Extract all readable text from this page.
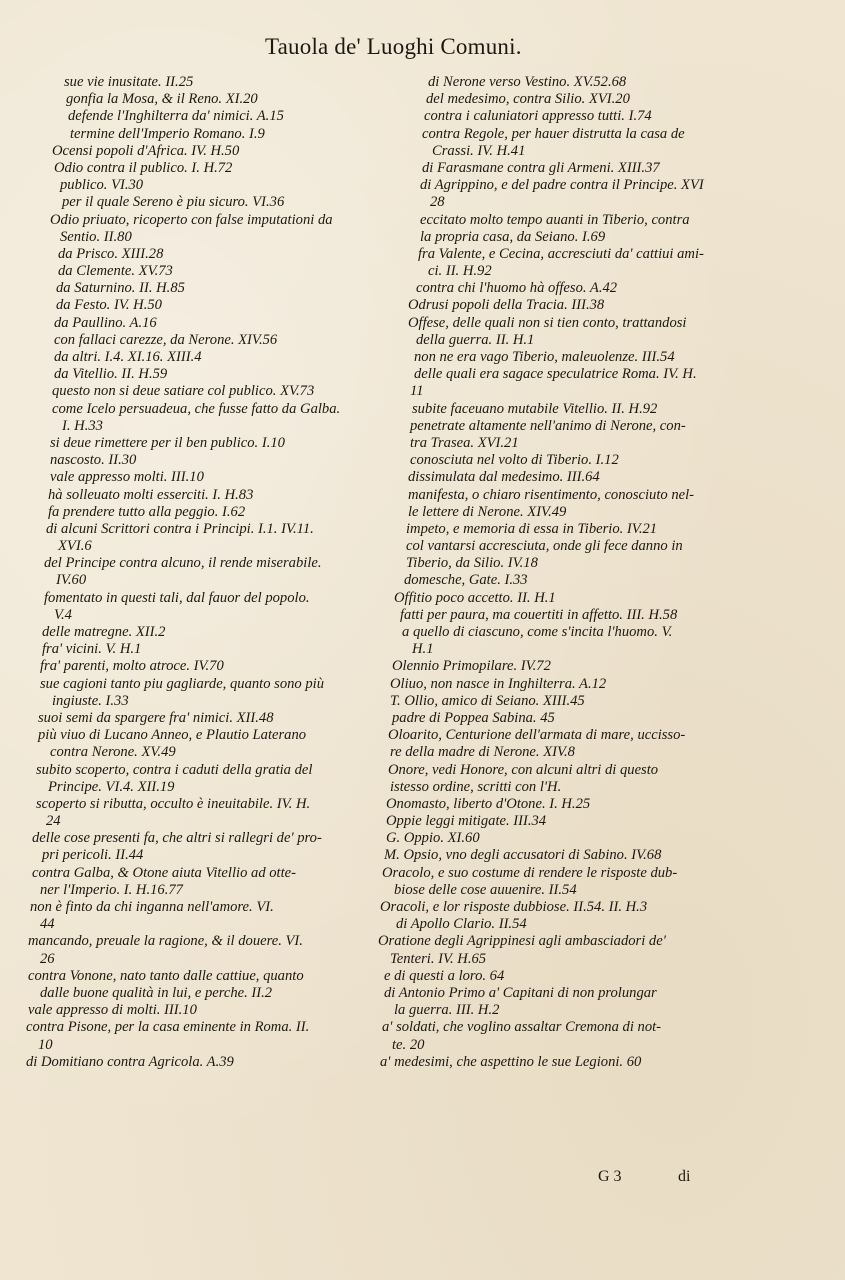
Tauola de' Luoghi Comuni.
sue vie inusitate. II.25
gonfia la Mosa, & il Reno. XI.20
defende l'Inghilterra da' nimici. A.15
termine dell'Imperio Romano. I.9
Ocensi popoli d'Africa. IV. H.50
Odio contra il publico. I. H.72
publico. VI.30
per il quale Sereno è piu sicuro. VI.36
Odio priuato, ricoperto con false imputationi da
Sentio. II.80
da Prisco. XIII.28
da Clemente. XV.73
da Saturnino. II. H.85
da Festo. IV. H.50
da Paullino. A.16
con fallaci carezze, da Nerone. XIV.56
da altri. I.4. XI.16. XIII.4
da Vitellio. II. H.59
questo non si deue satiare col publico. XV.73
come Icelo persuadeua, che fusse fatto da Galba.
I. H.33
si deue rimettere per il ben publico. I.10
nascosto. II.30
vale appresso molti. III.10
hà solleuato molti esserciti. I. H.83
fa prendere tutto alla peggio. I.62
di alcuni Scrittori contra i Principi. I.1. IV.11.
XVI.6
del Principe contra alcuno, il rende miserabile.
IV.60
fomentato in questi tali, dal fauor del popolo.
V.4
delle matregne. XII.2
fra' vicini. V. H.1
fra' parenti, molto atroce. IV.70
sue cagioni tanto piu gagliarde, quanto sono più
ingiuste. I.33
suoi semi da spargere fra' nimici. XII.48
più viuo di Lucano Anneo, e Plautio Laterano
contra Nerone. XV.49
subito scoperto, contra i caduti della gratia del
Principe. VI.4. XII.19
scoperto si ributta, occulto è ineuitabile. IV. H.
24
delle cose presenti fa, che altri si rallegri de' pro-
pri pericoli. II.44
contra Galba, & Otone aiuta Vitellio ad otte-
ner l'Imperio. I. H.16.77
non è finto da chi inganna nell'amore. VI.
44
mancando, preuale la ragione, & il douere. VI.
26
contra Vonone, nato tanto dalle cattiue, quanto
dalle buone qualità in lui, e perche. II.2
vale appresso di molti. III.10
contra Pisone, per la casa eminente in Roma. II.
10
di Domitiano contra Agricola. A.39
di Nerone verso Vestino. XV.52.68
del medesimo, contra Silio. XVI.20
contra i caluniatori appresso tutti. I.74
contra Regole, per hauer distrutta la casa de
Crassi. IV. H.41
di Farasmane contra gli Armeni. XIII.37
di Agrippino, e del padre contra il Principe. XVI
28
eccitato molto tempo auanti in Tiberio, contra
la propria casa, da Seiano. I.69
fra Valente, e Cecina, accresciuti da' cattiui ami-
ci. II. H.92
contra chi l'huomo hà offeso. A.42
Odrusi popoli della Tracia. III.38
Offese, delle quali non si tien conto, trattandosi
della guerra. II. H.1
non ne era vago Tiberio, maleuolenze. III.54
delle quali era sagace speculatrice Roma. IV. H.
11
subite faceuano mutabile Vitellio. II. H.92
penetrate altamente nell'animo di Nerone, con-
tra Trasea. XVI.21
conosciuta nel volto di Tiberio. I.12
dissimulata dal medesimo. III.64
manifesta, o chiaro risentimento, conosciuto nel-
le lettere di Nerone. XIV.49
impeto, e memoria di essa in Tiberio. IV.21
col vantarsi accresciuta, onde gli fece danno in
Tiberio, da Silio. IV.18
domesche, Gate. I.33
Offitio poco accetto. II. H.1
fatti per paura, ma couertiti in affetto. III. H.58
a quello di ciascuno, come s'incita l'huomo. V.
H.1
Olennio Primopilare. IV.72
Oliuo, non nasce in Inghilterra. A.12
T. Ollio, amico di Seiano. XIII.45
padre di Poppea Sabina. 45
Oloarito, Centurione dell'armata di mare, uccisso-
re della madre di Nerone. XIV.8
Onore, vedi Honore, con alcuni altri di questo
istesso ordine, scritti con l'H.
Onomasto, liberto d'Otone. I. H.25
Oppie leggi mitigate. III.34
G. Oppio. XI.60
M. Opsio, vno degli accusatori di Sabino. IV.68
Oracolo, e suo costume di rendere le risposte dub-
biose delle cose auuenire. II.54
Oracoli, e lor risposte dubbiose. II.54. II. H.3
di Apollo Clario. II.54
Oratione degli Agrippinesi agli ambasciadori de'
Tenteri. IV. H.65
e di questi a loro. 64
di Antonio Primo a' Capitani di non prolungar
la guerra. III. H.2
a' soldati, che voglino assaltar Cremona di not-
te. 20
a' medesimi, che aspettino le sue Legioni. 60
G 3	di
